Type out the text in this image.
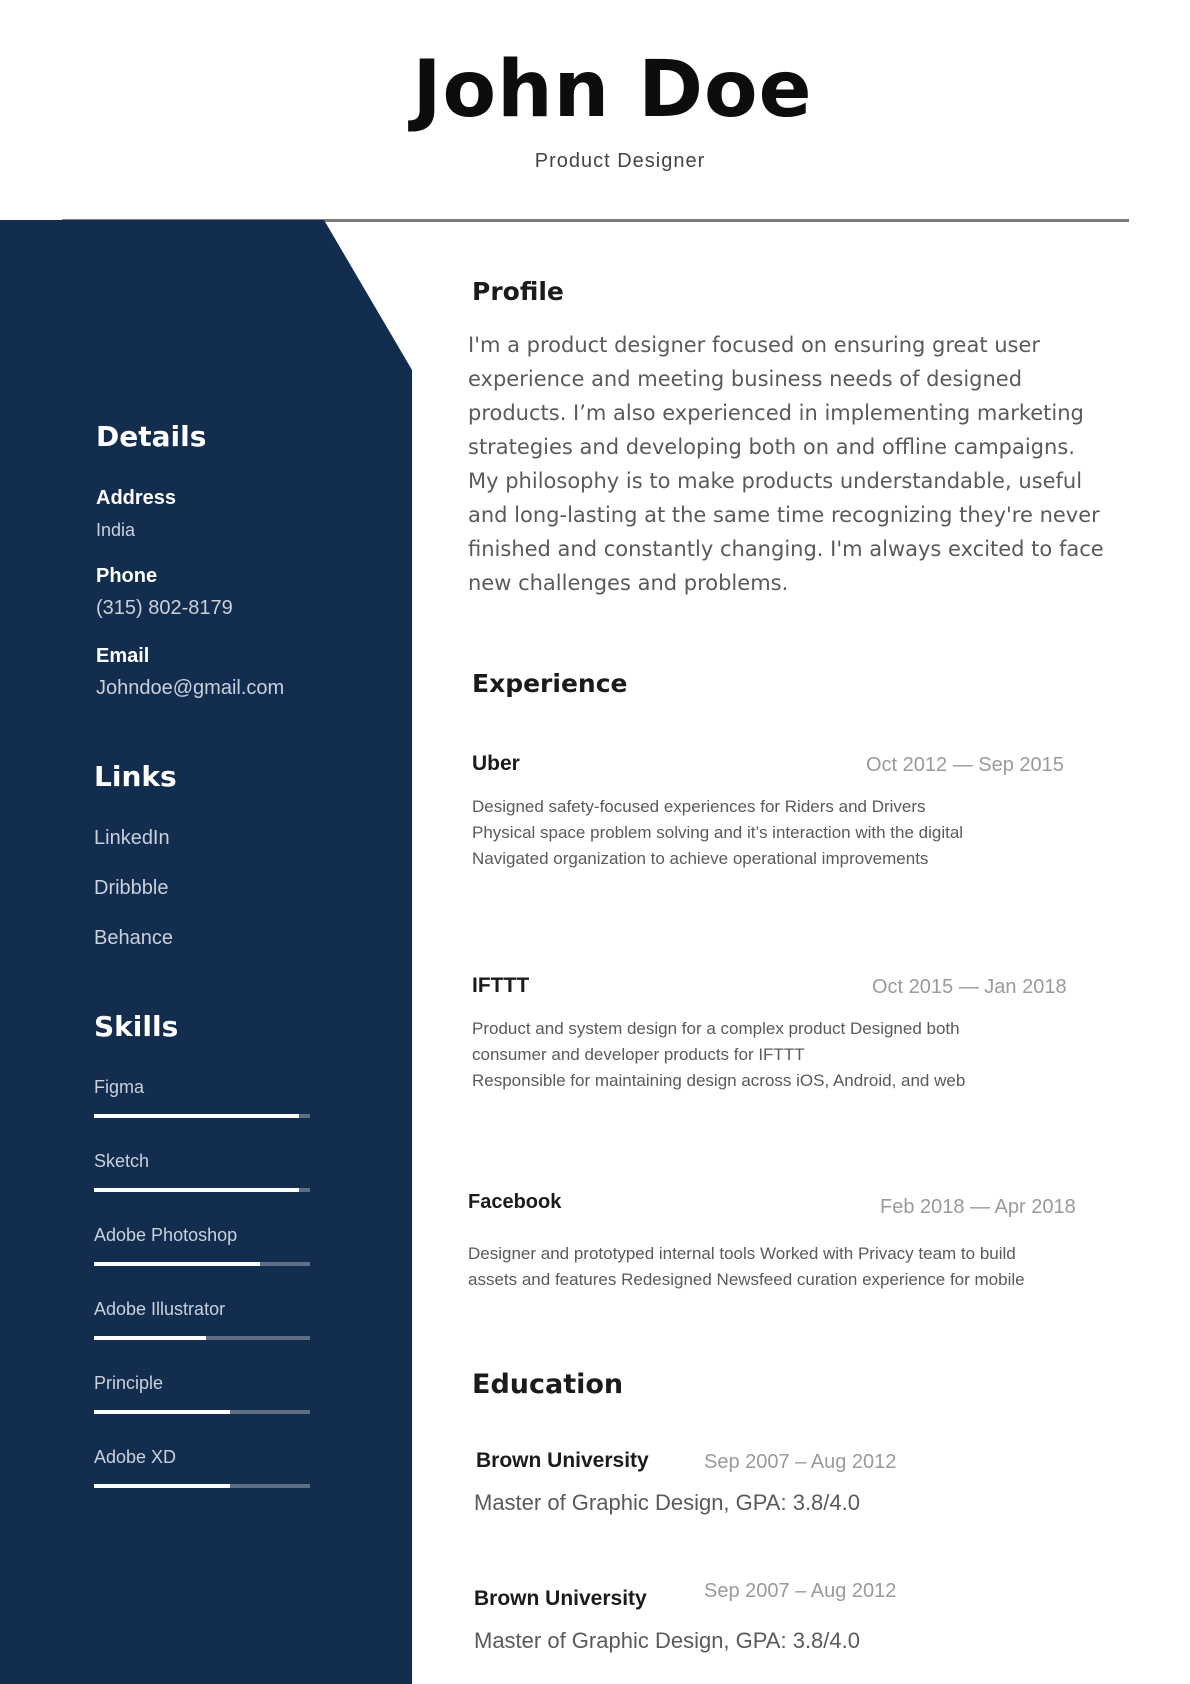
John Doe
Product Designer
Details
Address
India
Phone
(315) 802-8179
Email
Johndoe@gmail.com
Links
LinkedIn
Dribbble
Behance
Skills
Figma
Sketch
Adobe Photoshop
Adobe Illustrator
Principle
Adobe XD
Profile
I'm a product designer focused on ensuring great user experience and meeting business needs of designed products. I’m also experienced in implementing marketing strategies and developing both on and offline campaigns. My philosophy is to make products understandable, useful and long-lasting at the same time recognizing they're never finished and constantly changing. I'm always excited to face new challenges and problems.
Experience
Uber	Oct 2012 — Sep 2015
Designed safety-focused experiences for Riders and Drivers
Physical space problem solving and it’s interaction with the digital
Navigated organization to achieve operational improvements
IFTTT	Oct 2015 — Jan 2018
Product and system design for a complex product Designed both
consumer and developer products for IFTTT
Responsible for maintaining design across iOS, Android, and web
Facebook	Feb 2018 — Apr 2018
Designer and prototyped internal tools Worked with Privacy team to build assets and features Redesigned Newsfeed curation experience for mobile
Education
Brown University	Sep 2007 – Aug 2012
Master of Graphic Design, GPA: 3.8/4.0
Brown University	Sep 2007 – Aug 2012
Master of Graphic Design, GPA: 3.8/4.0
